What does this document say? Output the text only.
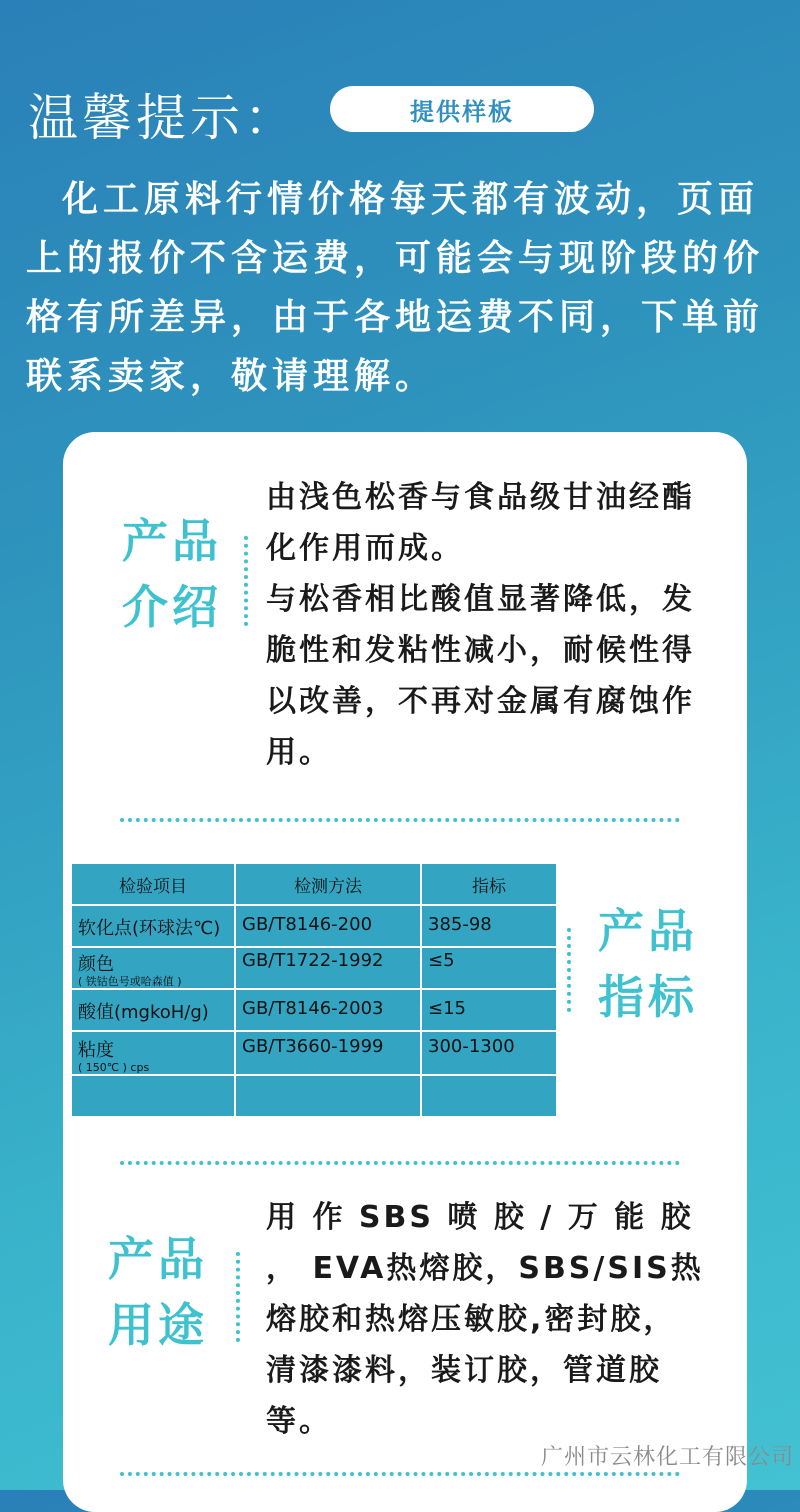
温馨提示：	提供样板

化工原料行情价格每天都有波动，页面上的报价不含运费，可能会与现阶段的价格有所差异，由于各地运费不同，下单前联系卖家，敬请理解。

产品介绍

由浅色松香与食品级甘油经酯化作用而成。
与松香相比酸值显著降低，发脆性和发粘性减小，耐候性得以改善，不再对金属有腐蚀作用。

检验项目	检测方法	指标

软化点(环球法℃)	GB/T8146-200	385-98

颜色
( 铁钴色号或哈森值 )	GB/T1722-1992	≤5

酸值(mgkoH/g)	GB/T8146-2003	≤15

粘度
( 150℃ ) cps	GB/T3660-1999	300-1300

产品指标
产品用途

用 作 SBS 喷 胶 / 万 能 胶 ， EVA热熔胶，SBS/SIS热熔胶和热熔压敏胶,密封胶，清漆漆料，装订胶，管道胶
等。

广州市云林化工有限公司
